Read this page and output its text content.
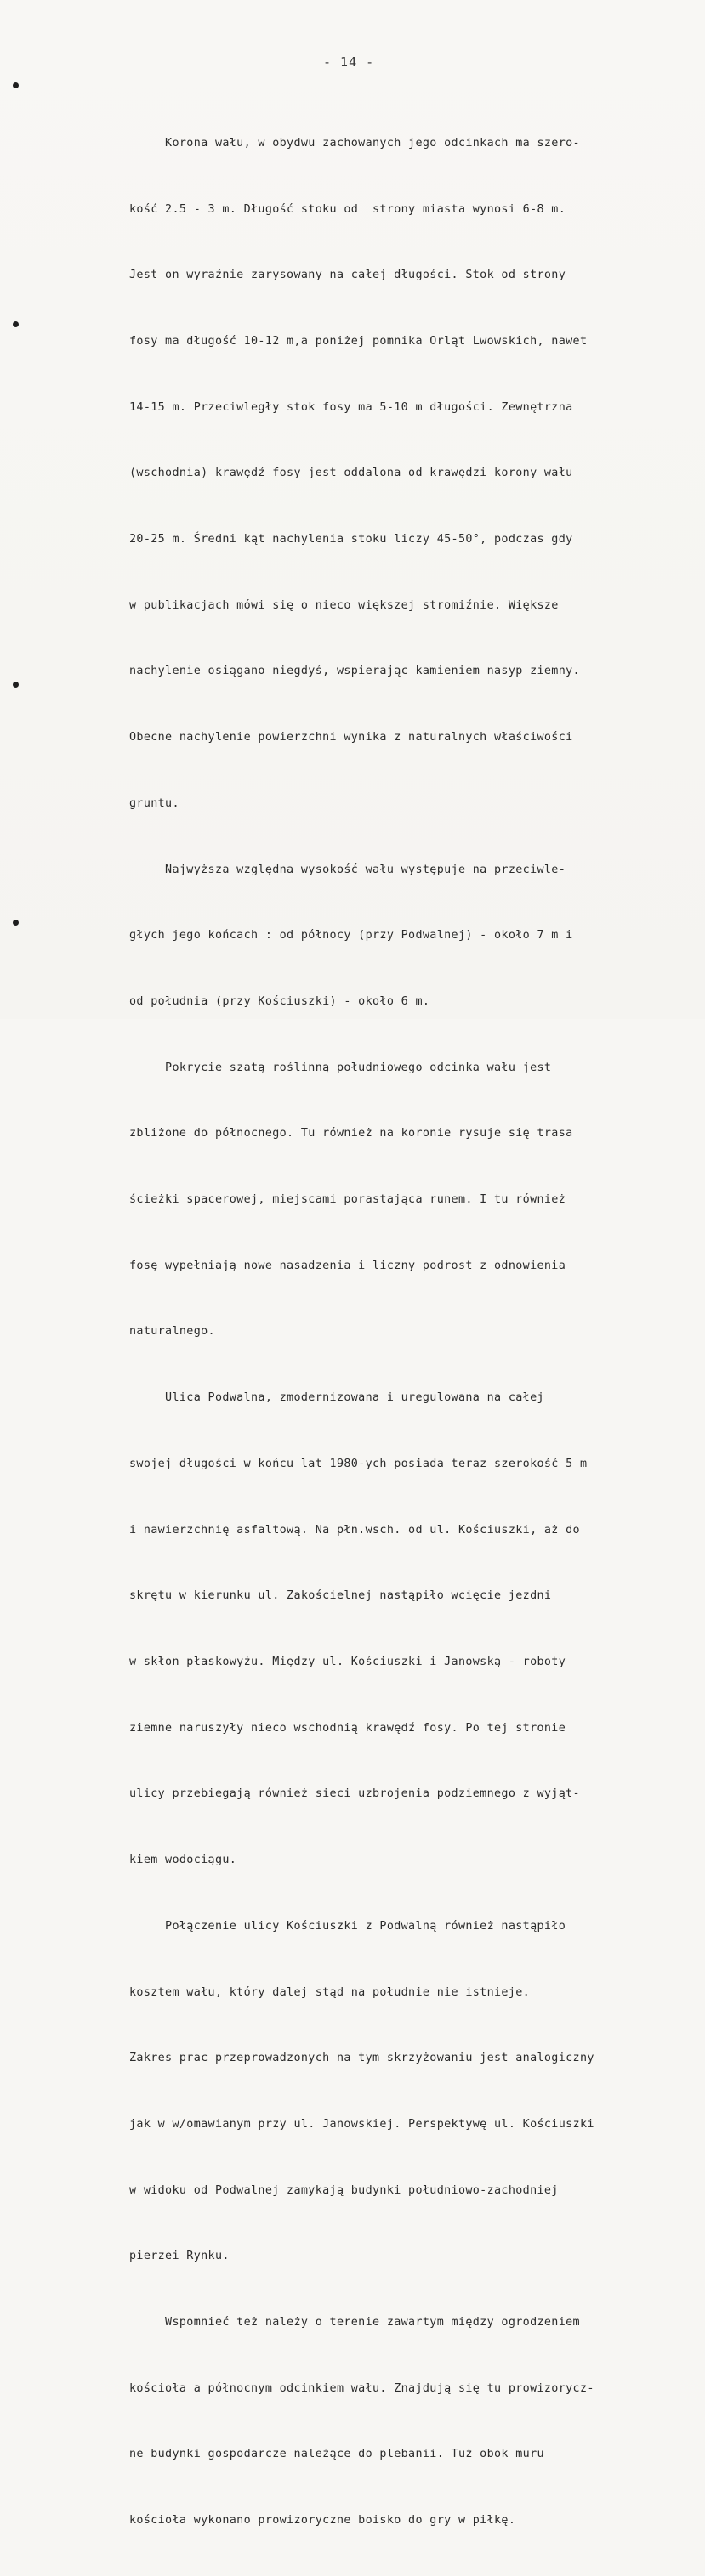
- 14 -

Korona wału, w obydwu zachowanych jego odcinkach ma szero-

kość 2.5 - 3 m. Długość stoku od  strony miasta wynosi 6-8 m.

Jest on wyraźnie zarysowany na całej długości. Stok od strony

fosy ma długość 10-12 m,a poniżej pomnika Orląt Lwowskich, nawet

14-15 m. Przeciwległy stok fosy ma 5-10 m długości. Zewnętrzna

(wschodnia) krawędź fosy jest oddalona od krawędzi korony wału

20-25 m. Średni kąt nachylenia stoku liczy 45-50°, podczas gdy

w publikacjach mówi się o nieco większej stromiźnie. Większe

nachylenie osiągano niegdyś, wspierając kamieniem nasyp ziemny.

Obecne nachylenie powierzchni wynika z naturalnych właściwości

gruntu.

Najwyższa względna wysokość wału występuje na przeciwle-

głych jego końcach : od północy (przy Podwalnej) - około 7 m i

od południa (przy Kościuszki) - około 6 m.

Pokrycie szatą roślinną południowego odcinka wału jest

zbliżone do północnego. Tu również na koronie rysuje się trasa

ścieżki spacerowej, miejscami porastająca runem. I tu również

fosę wypełniają nowe nasadzenia i liczny podrost z odnowienia

naturalnego.

Ulica Podwalna, zmodernizowana i uregulowana na całej

swojej długości w końcu lat 1980-ych posiada teraz szerokość 5 m

i nawierzchnię asfaltową. Na płn.wsch. od ul. Kościuszki, aż do

skrętu w kierunku ul. Zakościelnej nastąpiło wcięcie jezdni

w skłon płaskowyżu. Między ul. Kościuszki i Janowską - roboty

ziemne naruszyły nieco wschodnią krawędź fosy. Po tej stronie

ulicy przebiegają również sieci uzbrojenia podziemnego z wyjąt-

kiem wodociągu.

Połączenie ulicy Kościuszki z Podwalną również nastąpiło

kosztem wału, który dalej stąd na południe nie istnieje.

Zakres prac przeprowadzonych na tym skrzyżowaniu jest analogiczny

jak w w/omawianym przy ul. Janowskiej. Perspektywę ul. Kościuszki

w widoku od Podwalnej zamykają budynki południowo-zachodniej

pierzei Rynku.

Wspomnieć też należy o terenie zawartym między ogrodzeniem

kościoła a północnym odcinkiem wału. Znajdują się tu prowizorycz-

ne budynki gospodarcze należące do plebanii. Tuż obok muru

kościoła wykonano prowizoryczne boisko do gry w piłkę.
